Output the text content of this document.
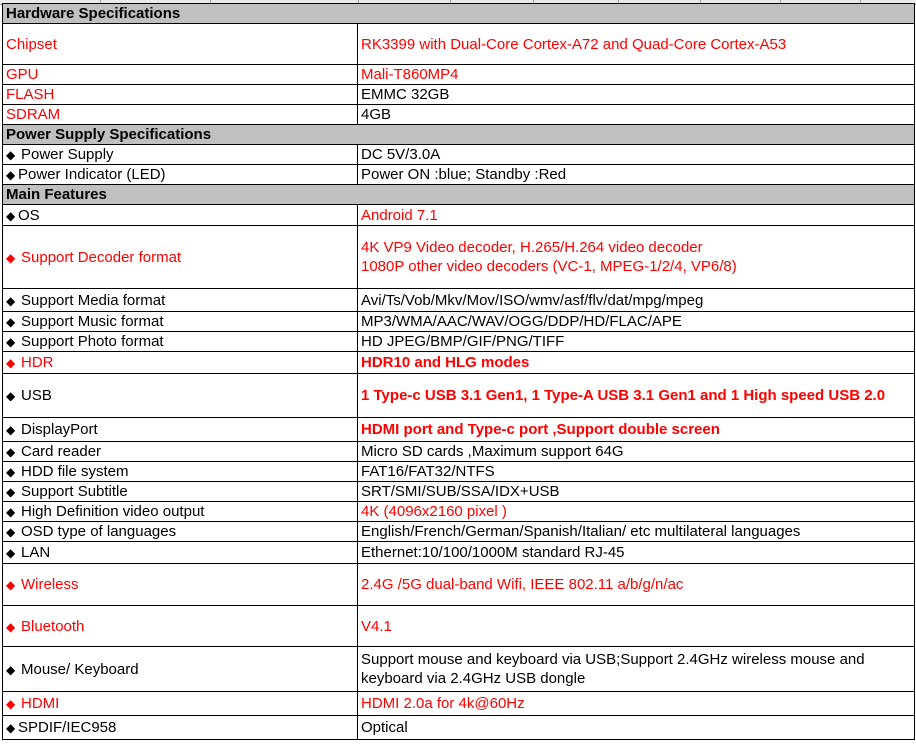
Hardware Specifications	
Chipset	RK3399 with Dual-Core Cortex-A72 and Quad-Core Cortex-A53
GPU	Mali-T860MP4
FLASH	EMMC 32GB
SDRAM	4GB
Power Supply Specifications	
◆ Power Supply	DC 5V/3.0A
◆ Power Indicator (LED)	Power ON :blue; Standby :Red
Main Features	
◆ OS	Android 7.1
◆ Support Decoder format	4K VP9 Video decoder, H.265/H.264 video decoder
1080P other video decoders (VC-1, MPEG-1/2/4, VP6/8)

◆ Support Media format	Avi/Ts/Vob/Mkv/Mov/ISO/wmv/asf/flv/dat/mpg/mpeg
◆ Support Music format	MP3/WMA/AAC/WAV/OGG/DDP/HD/FLAC/APE
◆ Support Photo format	HD JPEG/BMP/GIF/PNG/TIFF
◆ HDR	HDR10 and HLG modes
◆ USB	1 Type-c USB 3.1 Gen1, 1 Type-A USB 3.1 Gen1 and 1 High speed USB 2.0
◆ DisplayPort	HDMI port and Type-c port ,Support double screen
◆ Card reader	Micro SD cards ,Maximum support 64G
◆ HDD file system	FAT16/FAT32/NTFS
◆ Support Subtitle	SRT/SMI/SUB/SSA/IDX+USB
◆ High Definition video output	4K (4096x2160 pixel )
◆ OSD type of languages	English/French/German/Spanish/Italian/ etc multilateral languages
◆ LAN	Ethernet:10/100/1000M standard RJ-45
◆ Wireless	2.4G /5G dual-band Wifi, IEEE 802.11 a/b/g/n/ac
◆ Bluetooth	V4.1
◆ Mouse/ Keyboard	Support mouse and keyboard via USB;Support 2.4GHz wireless mouse and keyboard via 2.4GHz USB dongle
◆ HDMI	HDMI 2.0a for 4k@60Hz
◆ SPDIF/IEC958	Optical
